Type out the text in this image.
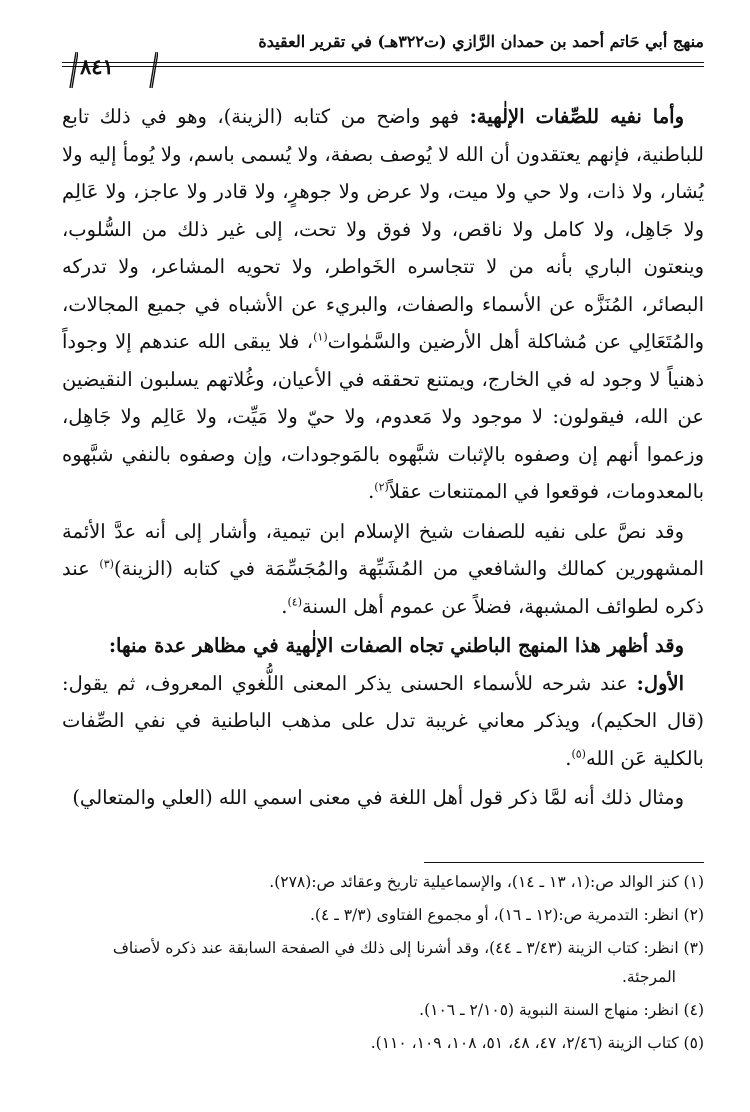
منهج أبي حَاتم أحمد بن حمدان الرَّازي (ت٣٢٢هـ) في تقرير العقيدة
٨٤١

وأما نفيه للصِّفات الإلٰهية: فهو واضح من كتابه (الزينة)، وهو في ذلك تابع للباطنية، فإنهم يعتقدون أن الله لا يُوصف بصفة، ولا يُسمى باسم، ولا يُومأ إليه ولا يُشار، ولا ذات، ولا حي ولا ميت، ولا عرض ولا جوهرٍ، ولا قادر ولا عاجز، ولا عَالِم ولا جَاهِل، ولا كامل ولا ناقص، ولا فوق ولا تحت، إلى غير ذلك من السُّلوب، وينعتون الباري بأنه من لا تتجاسره الخَواطر، ولا تحويه المشاعر، ولا تدركه البصائر، المُنَزَّه عن الأسماء والصفات، والبريء عن الأشباه في جميع المجالات، والمُتَعَالِي عن مُشاكلة أهل الأرضين والسَّمٰوات$^{(١)}$، فلا يبقى الله عندهم إلا وجوداً ذهنياً لا وجود له في الخارج، ويمتنع تحققه في الأعيان، وغُلاتهم يسلبون النقيضين عن الله، فيقولون: لا موجود ولا مَعدوم، ولا حيّ ولا مَيِّت، ولا عَالِم ولا جَاهِل، وزعموا أنهم إن وصفوه بالإثبات شبَّهوه بالمَوجودات، وإن وصفوه بالنفي شبَّهوه بالمعدومات، فوقعوا في الممتنعات عقلاً$^{(٢)}$.

وقد نصَّ على نفيه للصفات شيخ الإسلام ابن تيمية، وأشار إلى أنه عدَّ الأئمة المشهورين كمالك والشافعي من المُشَبِّهة والمُجَسِّمَة في كتابه (الزينة)$^{(٣)}$ عند ذكره لطوائف المشبهة، فضلاً عن عموم أهل السنة$^{(٤)}$.

وقد أظهر هذا المنهج الباطني تجاه الصفات الإلٰهية في مظاهر عدة منها:

الأول: عند شرحه للأسماء الحسنى يذكر المعنى اللُّغوي المعروف، ثم يقول: (قال الحكيم)، ويذكر معاني غريبة تدل على مذهب الباطنية في نفي الصِّفات بالكلية عَن الله$^{(٥)}$.

ومثال ذلك أنه لمَّا ذكر قول أهل اللغة في معنى اسمي الله (العلي والمتعالي)

(١) كنز الوالد ص:(١، ١٣ ـ ١٤)، والإسماعيلية تاريخ وعقائد ص:(٢٧٨).

(٢) انظر: التدمرية ص:(١٢ ـ ١٦)، أو مجموع الفتاوى (٣/٣ ـ ٤).

(٣) انظر: كتاب الزينة (٣/٤٣ ـ ٤٤)، وقد أشرنا إلى ذلك في الصفحة السابقة عند ذكره لأصناف المرجئة.

(٤) انظر: منهاج السنة النبوية (٢/١٠٥ ـ ١٠٦).

(٥) كتاب الزينة (٢/٤٦، ٤٧، ٤٨، ٥١، ١٠٨، ١٠٩، ١١٠).
